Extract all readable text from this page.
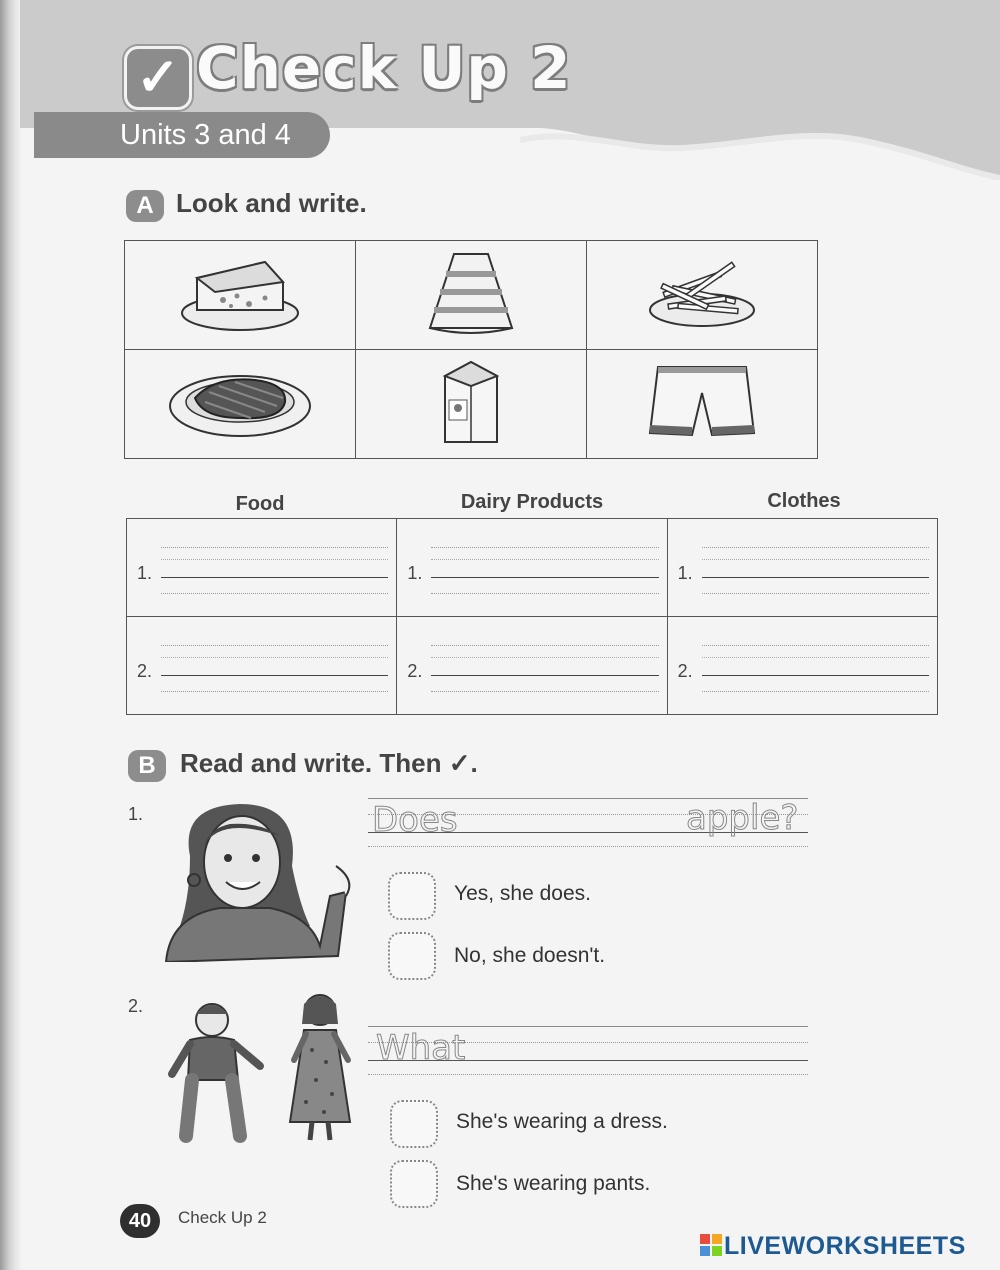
✓ Check Up 2
Units 3 and 4
A Look and write.

Food	Dairy Products	Clothes
1.	1.	1.

2.	2.	2.
B Read and write. Then ✓.
1.	Does	apple?
Yes, she does.
No, she doesn't.
2.
What
She's wearing a dress.
She's wearing pants.
40	Check Up 2
LIVEWORKSHEETS
